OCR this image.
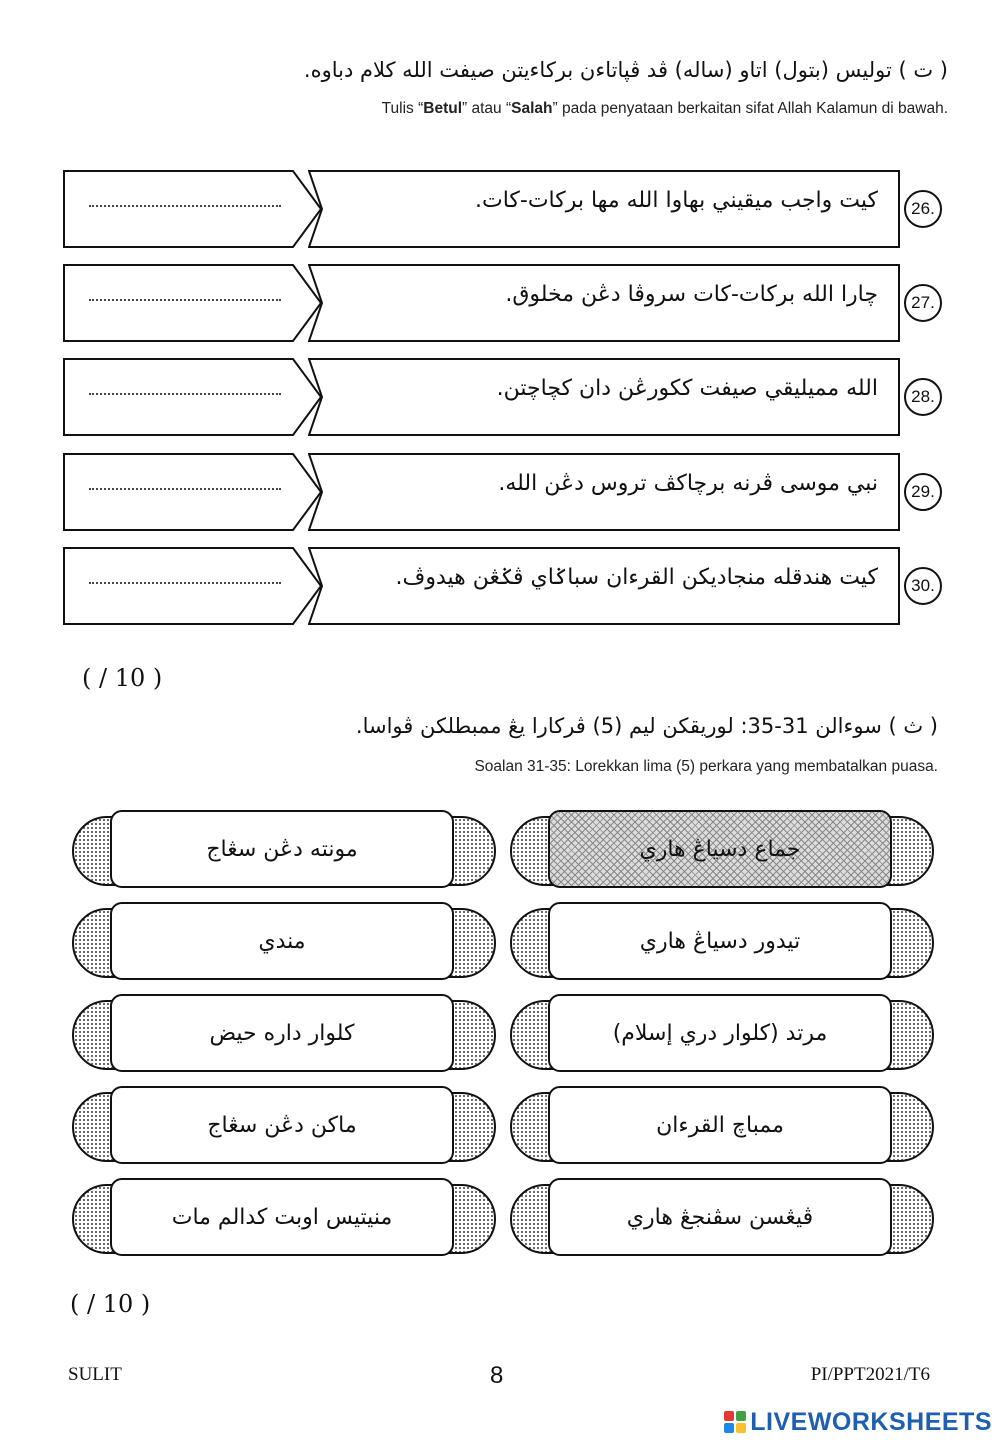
( ت ) توليس (بتول) اتاو (ساله) ڤد ڤڽاتاءن بركاءيتن صيفت الله كلام دباوه.
Tulis “Betul” atau “Salah” pada penyataan berkaitan sifat Allah Kalamun di bawah.
كيت واجب ميقيني بهاوا الله مها بركات-كات.	26.
چارا الله بركات-كات سروڤا دڠن مخلوق.	27.
الله مميليقي صيفت ككورڠن دان كچاچتن.	28.
نبي موسى ڤرنه برچاكڤ تروس دڠن الله.	29.
كيت هندقله منجاديكن القرءان سباݢاي ڤݢڠن هيدوڤ.	30.
( / 10 )
( ث ) سوءالن 31-35: لوريقكن ليم (5) ڤركارا يڠ ممبطلكن ڤواسا.
Soalan 31-35: Lorekkan lima (5) perkara yang membatalkan puasa.
جماع دسياڠ هاري
تيدور دسياڠ هاري
مرتد (كلوار دري إسلام)
ممباچ القرءان
ڤيڠسن سڤنجڠ هاري
مونته دڠن سڠاج
مندي
كلوار داره حيض
ماكن دڠن سڠاج
منيتيس اوبت كدالم مات
( / 10 )
SULIT	8	PI/PPT2021/T6
LIVEWORKSHEETS
